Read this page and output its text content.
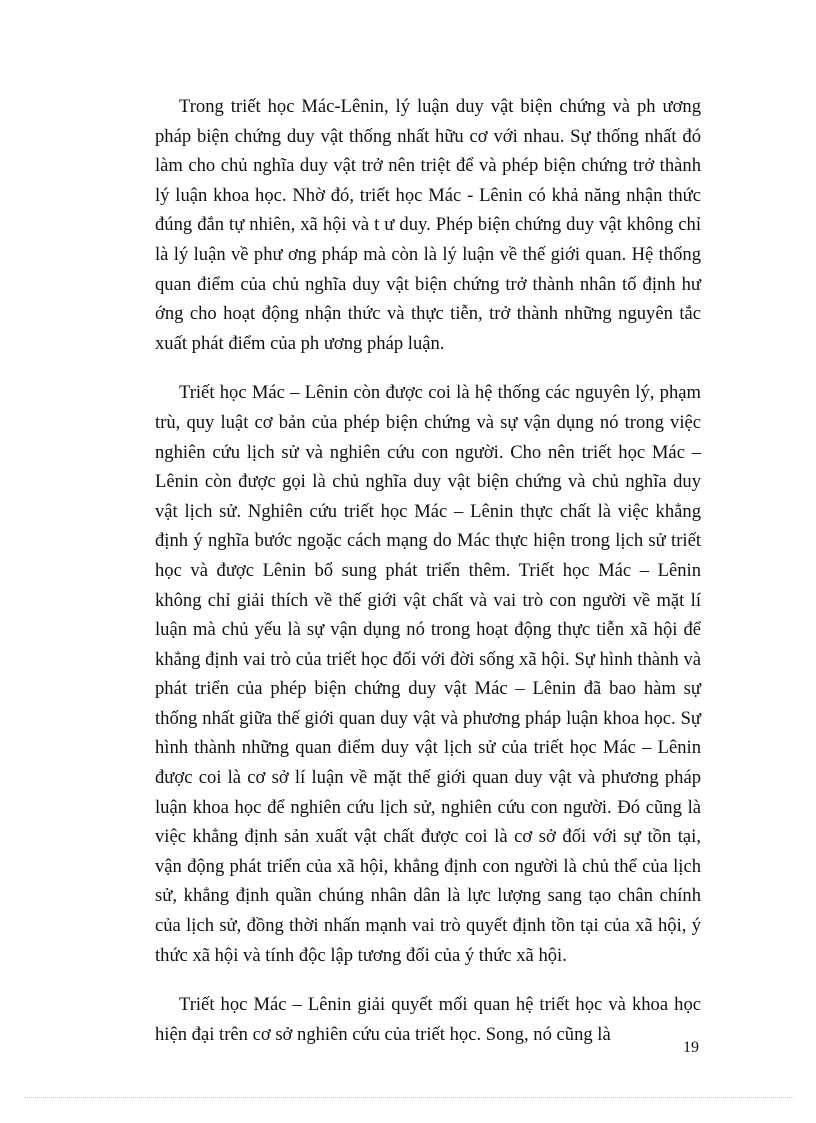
Trong triết học Mác-Lênin, lý luận duy vật biện chứng và ph ương pháp biện chứng duy vật thống nhất hữu cơ với nhau. Sự thống nhất đó làm cho chủ nghĩa duy vật trở nên triệt để và phép biện chứng trở thành lý luận khoa học. Nhờ đó, triết học Mác - Lênin có khả năng nhận thức đúng đắn tự nhiên, xã hội và t ư duy. Phép biện chứng duy vật không chỉ là lý luận về phư ơng pháp mà còn là lý luận về thế giới quan. Hệ thống quan điểm của chủ nghĩa duy vật biện chứng trở thành nhân tố định hư ớng cho hoạt động nhận thức và thực tiễn, trở thành những nguyên tắc xuất phát điểm của ph ương pháp luận.

Triết học Mác – Lênin còn được coi là hệ thống các nguyên lý, phạm trù, quy luật cơ bản của phép biện chứng và sự vận dụng nó trong việc nghiên cứu lịch sử và nghiên cứu con người. Cho nên triết học Mác – Lênin còn được gọi là chủ nghĩa duy vật biện chứng và chủ nghĩa duy vật lịch sử. Nghiên cứu triết học Mác – Lênin thực chất là việc khẳng định ý nghĩa bước ngoặc cách mạng do Mác thực hiện trong lịch sử triết học và được Lênin bổ sung phát triển thêm. Triết học Mác – Lênin không chỉ giải thích về thế giới vật chất và vai trò con người về mặt lí luận mà chủ yếu là sự vận dụng nó trong hoạt động thực tiễn xã hội để khẳng định vai trò của triết học đối với đời sống xã hội. Sự hình thành và phát triển của phép biện chứng duy vật Mác – Lênin đã bao hàm sự thống nhất giữa thế giới quan duy vật và phương pháp luận khoa học. Sự hình thành những quan điểm duy vật lịch sử của triết học Mác – Lênin được coi là cơ sở lí luận về mặt thế giới quan duy vật và phương pháp luận khoa học để nghiên cứu lịch sử, nghiên cứu con người. Đó cũng là việc khẳng định sản xuất vật chất được coi là cơ sở đối với sự tồn tại, vận động phát triển của xã hội, khẳng định con người là chủ thể của lịch sử, khẳng định quần chúng nhân dân là lực lượng sang tạo chân chính của lịch sử, đồng thời nhấn mạnh vai trò quyết định tồn tại của xã hội, ý thức xã hội và tính độc lập tương đối của ý thức xã hội.

Triết học Mác – Lênin giải quyết mối quan hệ triết học và khoa học hiện đại trên cơ sở nghiên cứu của triết học. Song, nó cũng là

19
